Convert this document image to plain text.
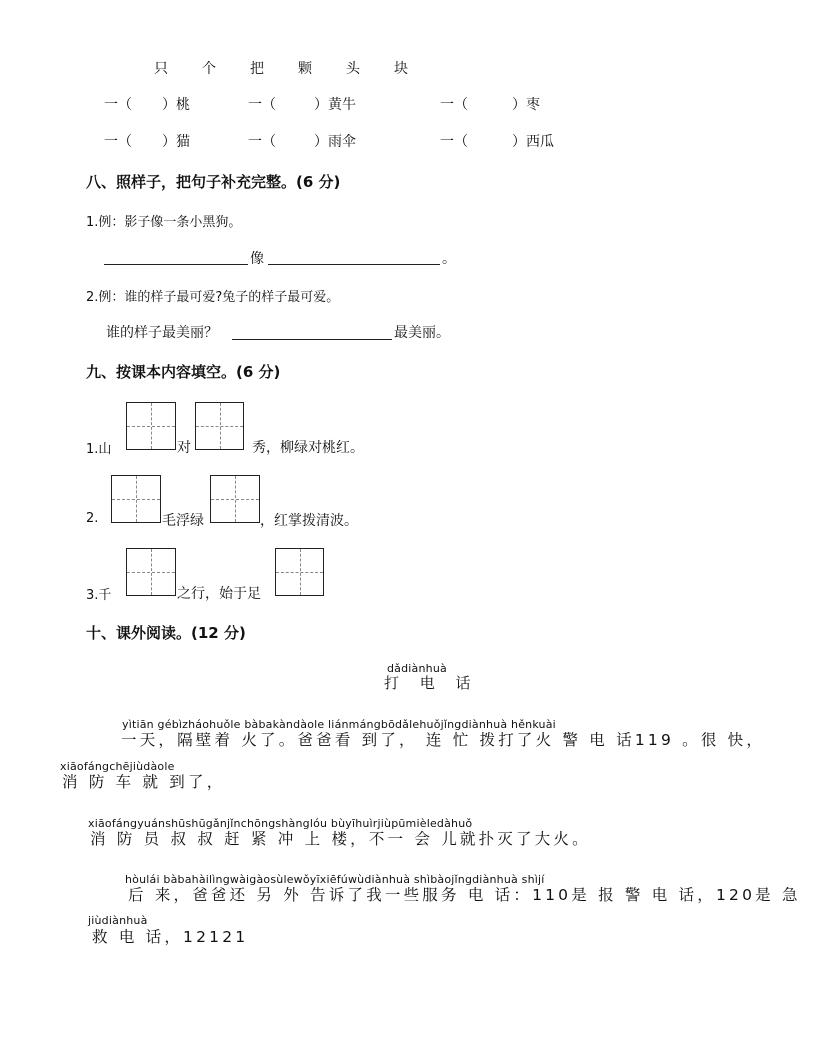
只 个 把 颗 头 块
一（ ）桃	一（	）黄牛	一（	）枣
一（ ）猫	一（	）雨伞	一（	）西瓜
八、照样子，把句子补充完整。(6 分)
1.例：影子像一条小黑狗。
像	。
2.例：谁的样子最可爱?兔子的样子最可爱。
谁的样子最美丽？	最美丽。
九、按课本内容填空。(6 分)
1.山	对	秀，柳绿对桃红。
2.	毛浮绿	，红掌拨清波。
3.千	之行，始于足
十、课外阅读。(12 分)
dǎdiànhuà
打 电 话
yìtiān gébìzháohuǒle bàbakàndàole liánmángbōdǎlehuǒjǐngdiànhuà hěnkuài
一天，隔壁着 火了。爸爸看 到了， 连 忙 拨打了火 警 电 话119 。很 快，
xiāofángchējiùdàole
消 防 车 就 到了，
xiāofángyuánshūshūgǎnjǐnchōngshànglóu bùyīhuìrjiùpūmièledàhuǒ
消 防 员 叔 叔 赶 紧 冲 上 楼，不一 会 儿就扑灭了大火。
hòulái bàbahàilìngwàigàosùlewǒyīxiēfúwùdiànhuà shìbàojǐngdiànhuà shìjí
后 来，爸爸还 另 外 告诉了我一些服务 电 话：110是 报 警 电 话，120是 急
jiùdiànhuà
救 电 话，12121
